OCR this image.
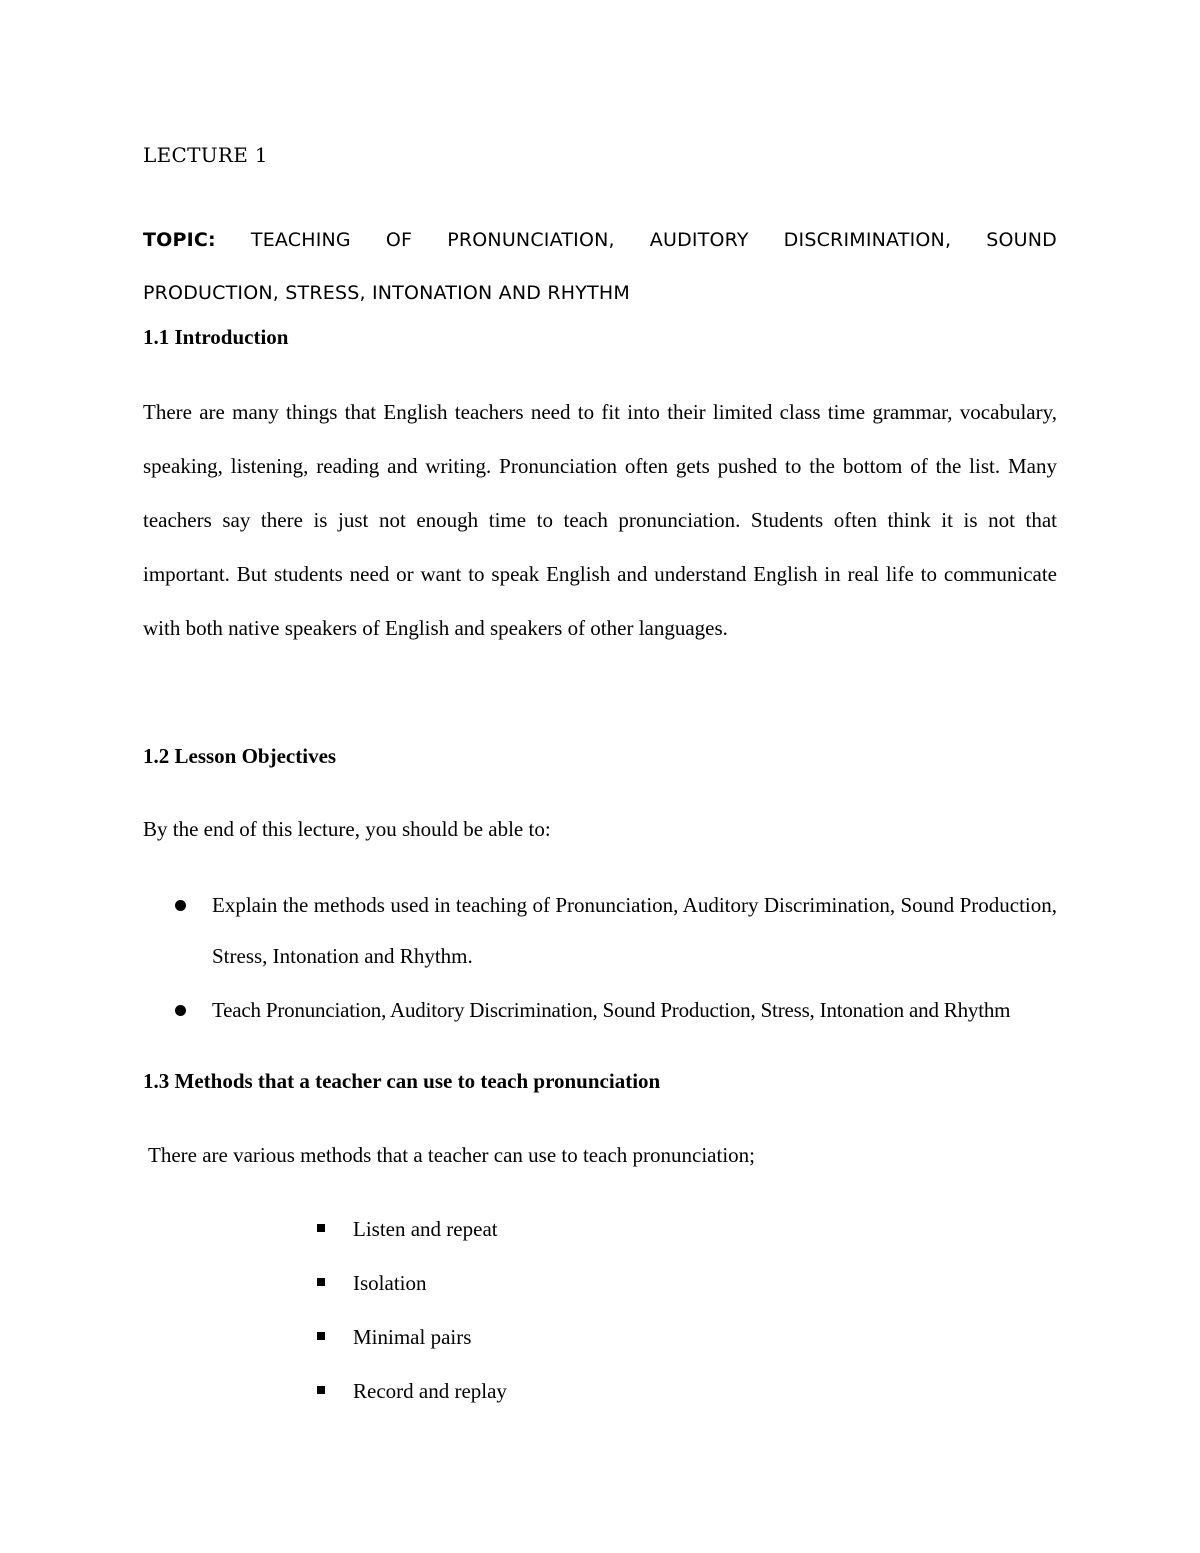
LECTURE 1
TOPIC: TEACHING OF PRONUNCIATION, AUDITORY DISCRIMINATION, SOUND
PRODUCTION, STRESS, INTONATION AND RHYTHM
1.1 Introduction
There are many things that English teachers need to fit into their limited class time grammar, vocabulary, speaking, listening, reading and writing. Pronunciation often gets pushed to the bottom of the list. Many teachers say there is just not enough time to teach pronunciation. Students often think it is not that important. But students need or want to speak English and understand English in real life to communicate with both native speakers of English and speakers of other languages.
1.2 Lesson Objectives
By the end of this lecture, you should be able to:
Explain the methods used in teaching of Pronunciation, Auditory Discrimination, Sound Production, Stress, Intonation and Rhythm.
Teach Pronunciation, Auditory Discrimination, Sound Production, Stress, Intonation and Rhythm
1.3 Methods that a teacher can use to teach pronunciation
There are various methods that a teacher can use to teach pronunciation;
Listen and repeat
Isolation
Minimal pairs
Record and replay
